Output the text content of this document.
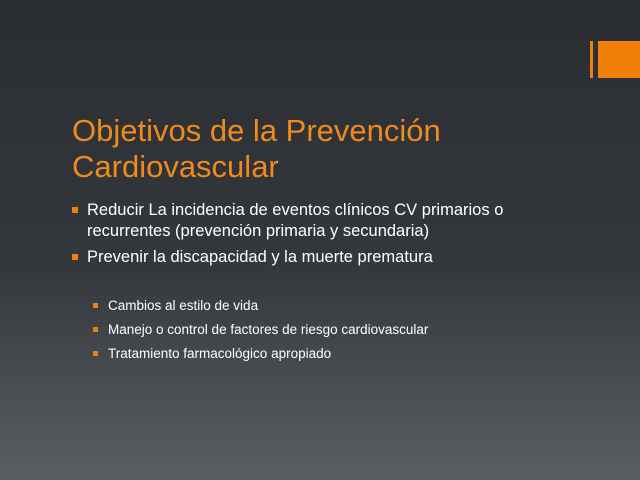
Objetivos de la Prevención
Cardiovascular
Reducir La incidencia de eventos clínicos CV primarios o
recurrentes (prevención primaria y secundaria)
Prevenir la discapacidad y la muerte prematura
Cambios al estilo de vida
Manejo o control de factores de riesgo cardiovascular
Tratamiento farmacológico apropiado
